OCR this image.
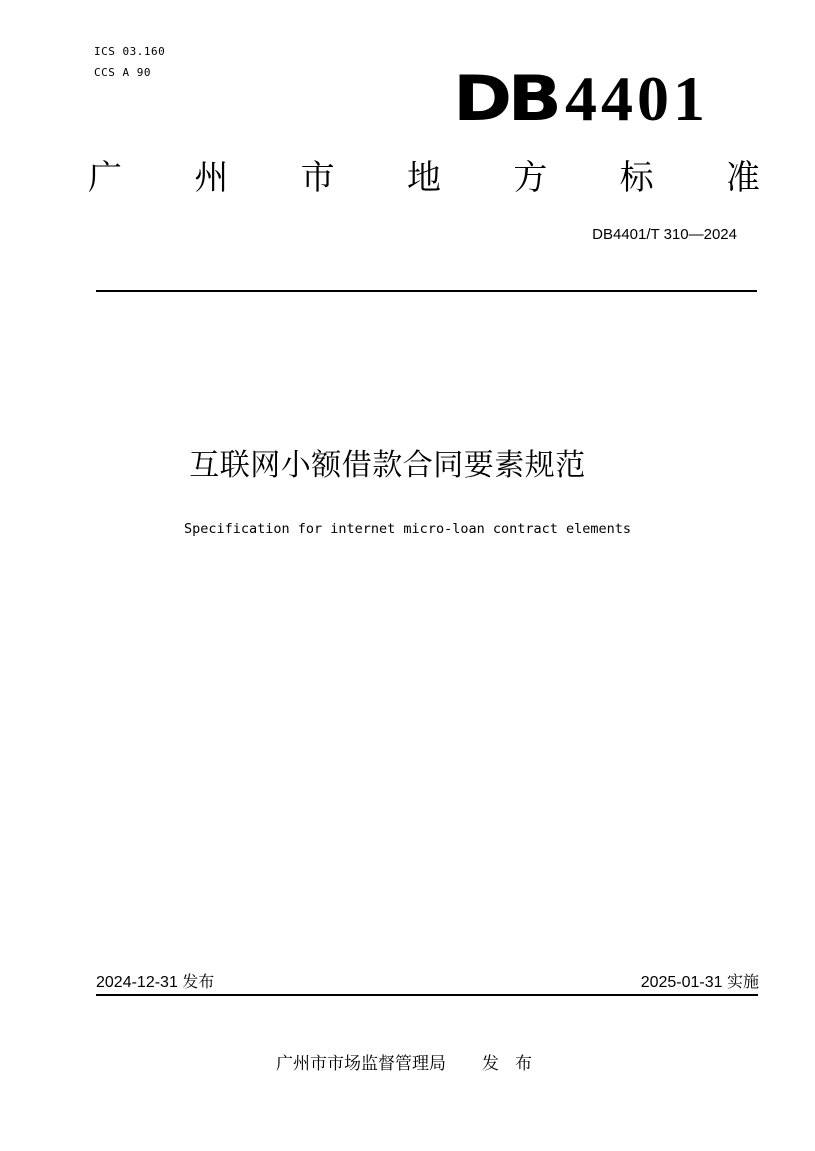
ICS 03.160
CCS A 90	DB 4401
广 州 市 地 方 标 准
DB4401/T 310—2024
互联网小额借款合同要素规范
Specification for internet micro-loan contract elements
2024-12-31 发布	2025-01-31 实施
广州市市场监督管理局 发 布
